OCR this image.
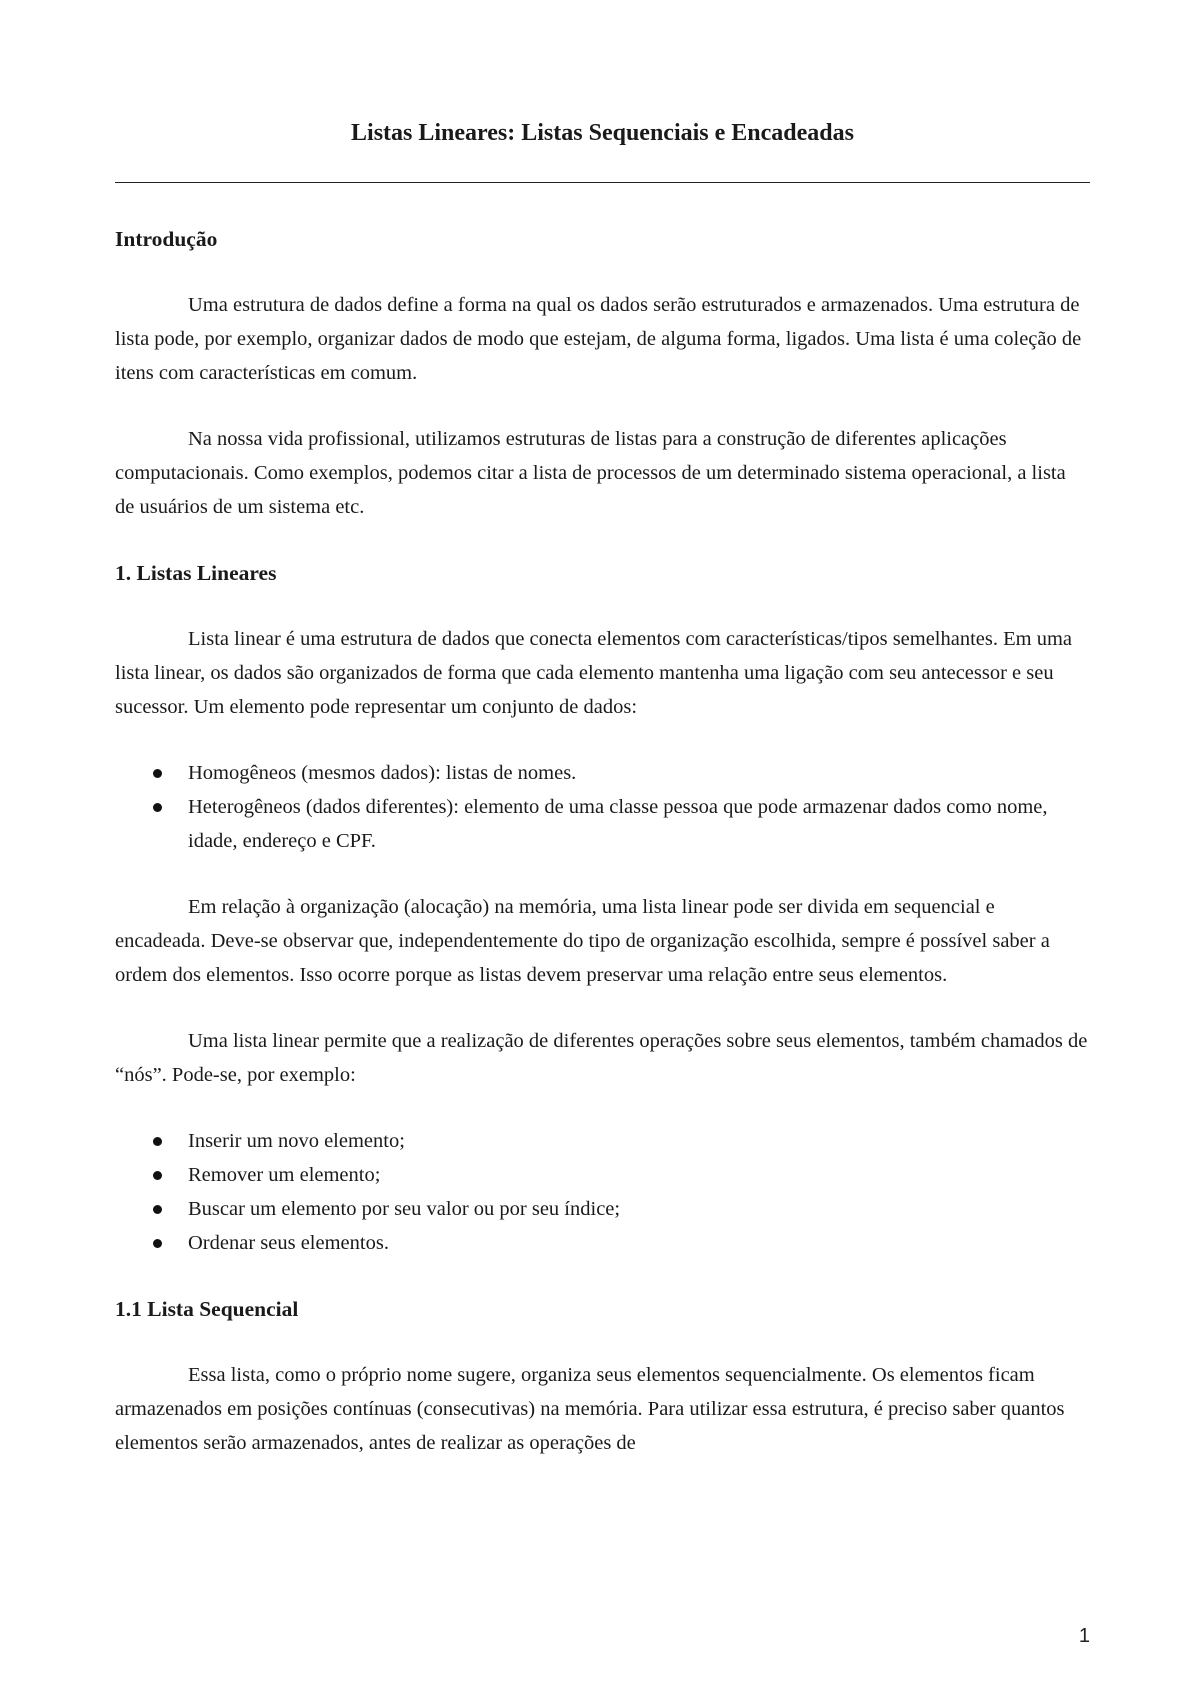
Listas Lineares: Listas Sequenciais e Encadeadas
Introdução

Uma estrutura de dados define a forma na qual os dados serão estruturados e armazenados. Uma estrutura de lista pode, por exemplo, organizar dados de modo que estejam, de alguma forma, ligados. Uma lista é uma coleção de itens com características em comum.

Na nossa vida profissional, utilizamos estruturas de listas para a construção de diferentes aplicações computacionais. Como exemplos, podemos citar a lista de processos de um determinado sistema operacional, a lista de usuários de um sistema etc.

1. Listas Lineares

Lista linear é uma estrutura de dados que conecta elementos com características/tipos semelhantes. Em uma lista linear, os dados são organizados de forma que cada elemento mantenha uma ligação com seu antecessor e seu sucessor. Um elemento pode representar um conjunto de dados:

Homogêneos (mesmos dados): listas de nomes.
Heterogêneos (dados diferentes): elemento de uma classe pessoa que pode armazenar dados como nome, idade, endereço e CPF.

Em relação à organização (alocação) na memória, uma lista linear pode ser divida em sequencial e encadeada. Deve-se observar que, independentemente do tipo de organização escolhida, sempre é possível saber a ordem dos elementos. Isso ocorre porque as listas devem preservar uma relação entre seus elementos.

Uma lista linear permite que a realização de diferentes operações sobre seus elementos, também chamados de “nós”. Pode-se, por exemplo:

Inserir um novo elemento;
Remover um elemento;
Buscar um elemento por seu valor ou por seu índice;
Ordenar seus elementos.
1.1 Lista Sequencial

Essa lista, como o próprio nome sugere, organiza seus elementos sequencialmente. Os elementos ficam armazenados em posições contínuas (consecutivas) na memória. Para utilizar essa estrutura, é preciso saber quantos elementos serão armazenados, antes de realizar as operações de

1
